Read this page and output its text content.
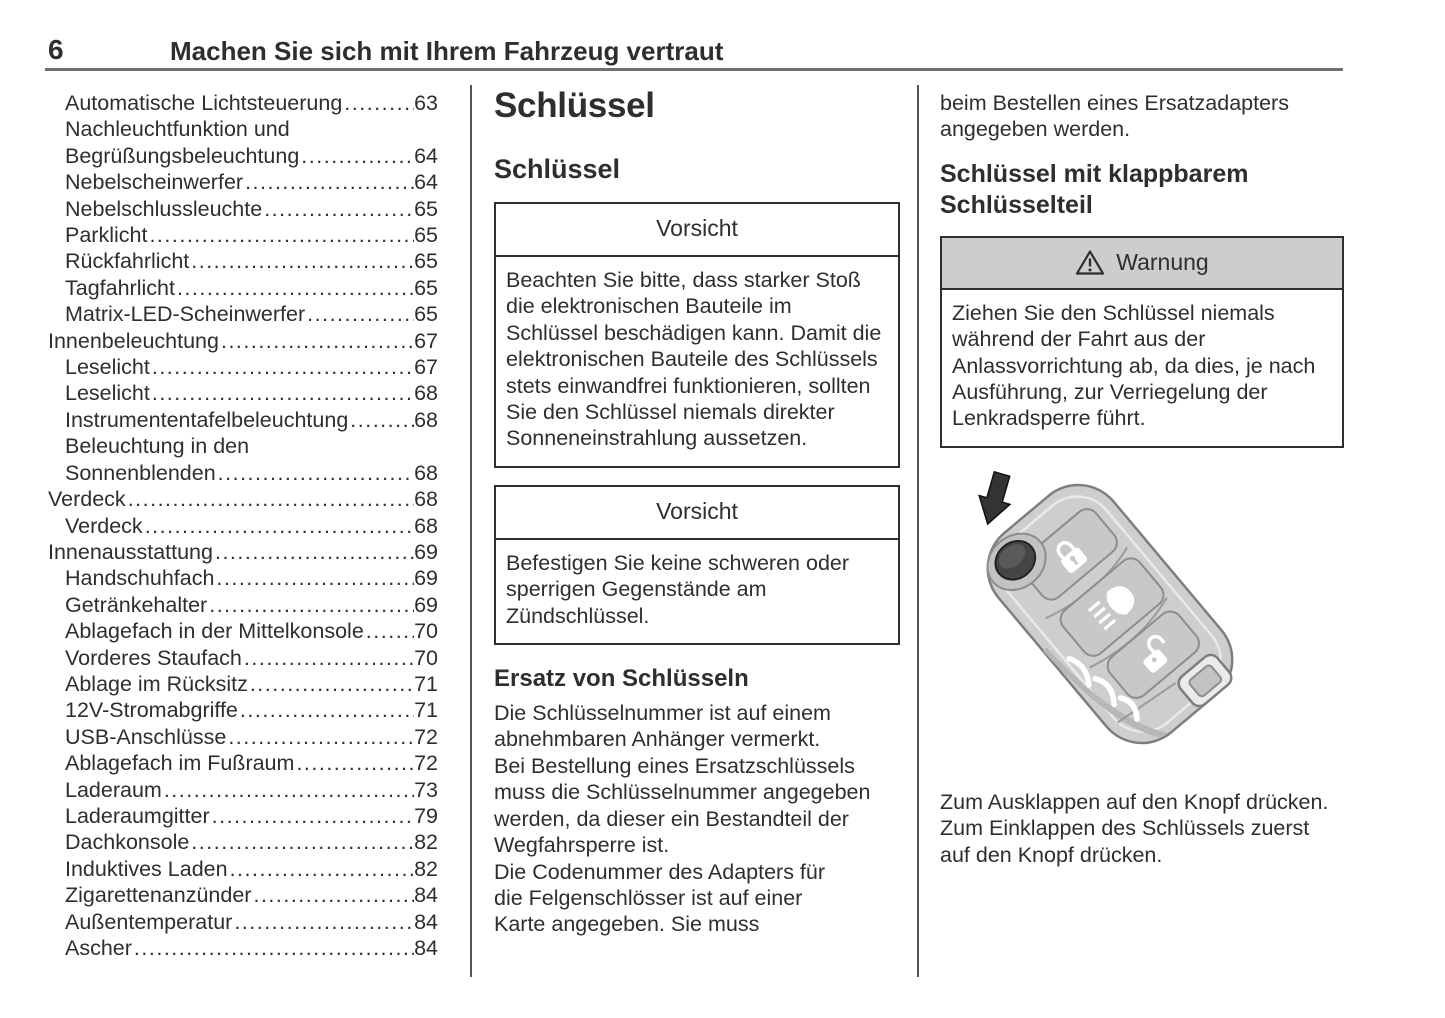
6	Machen Sie sich mit Ihrem Fahrzeug vertraut
Automatische Lichtsteuerung .....	63
Nachleuchtfunktion und
Begrüßungsbeleuchtung .....	64
Nebelscheinwerfer .....	64
Nebelschlussleuchte .....	65
Parklicht .....	65
Rückfahrlicht .....	65
Tagfahrlicht .....	65
Matrix-LED-Scheinwerfer .....	65
Innenbeleuchtung .....	67
Leselicht .....	67
Leselicht .....	68
Instrumententafelbeleuchtung .....	68
Beleuchtung in den
Sonnenblenden .....	68
Verdeck .....	68
Verdeck .....	68
Innenausstattung .....	69
Handschuhfach .....	69
Getränkehalter .....	69
Ablagefach in der Mittelkonsole ..... 70
Vorderes Staufach .....	70
Ablage im Rücksitz .....	71
12V-Stromabgriffe .....	71
USB-Anschlüsse .....	72
Ablagefach im Fußraum .....	72
Laderaum .....	73
Laderaumgitter .....	79
Dachkonsole .....	82
Induktives Laden .....	82
Zigarettenanzünder .....	84
Außentemperatur .....	84
Ascher .....	84
Schlüssel
Schlüssel
Vorsicht
Beachten Sie bitte, dass starker Stoß die elektronischen Bauteile im Schlüssel beschädigen kann. Damit die elektronischen Bauteile des Schlüssels stets einwandfrei funktionieren, sollten Sie den Schlüssel niemals direkter Sonneneinstrahlung aussetzen.
Vorsicht
Befestigen Sie keine schweren oder sperrigen Gegenstände am Zündschlüssel.
Ersatz von Schlüsseln

Die Schlüsselnummer ist auf einem abnehmbaren Anhänger vermerkt.

Bei Bestellung eines Ersatzschlüssels muss die Schlüsselnummer angegeben werden, da dieser ein Bestandteil der Wegfahrsperre ist.

Die Codenummer des Adapters für die Felgenschlösser ist auf einer Karte angegeben. Sie muss

beim Bestellen eines Ersatzadapters angegeben werden.

Schlüssel mit klappbarem Schlüsselteil
Warnung
Ziehen Sie den Schlüssel niemals während der Fahrt aus der Anlassvorrichtung ab, da dies, je nach Ausführung, zur Verriegelung der Lenkradsperre führt.

Zum Ausklappen auf den Knopf drücken. Zum Einklappen des Schlüssels zuerst auf den Knopf drücken.
